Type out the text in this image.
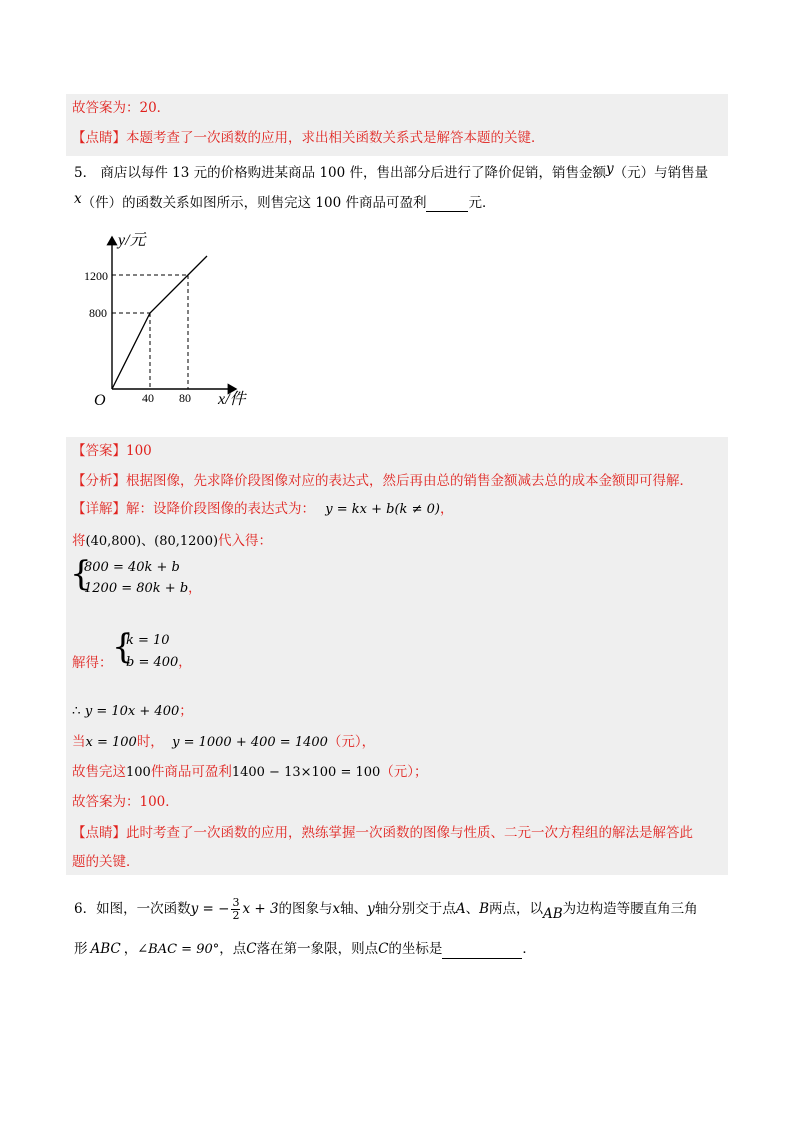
故答案为：20．
【点睛】本题考查了一次函数的应用，求出相关函数关系式是解答本题的关键．
5． 商店以每件 13 元的价格购进某商品 100 件，售出部分后进行了降价促销，销售金额y（元）与销售量
x（件）的函数关系如图所示，则售完这 100 件商品可盈利	元．
y/元
x/件
O
1200
800
40 80
【答案】100
【分析】根据图像，先求降价段图像对应的表达式，然后再由总的销售金额减去总的成本金额即可得解．
【详解】解：设降价段图像的表达式为： y = kx + b(k ≠ 0)，
将(40,800)、(80,1200)代入得：
{
800 = 40k + b
1200 = 80k + b，
{
k = 10
解得： b = 400，
∴ y = 10x + 400；
当x = 100时， y = 1000 + 400 = 1400（元），
故售完这100件商品可盈利1400 − 13×100 = 100（元）；
故答案为：100．
【点睛】此时考查了一次函数的应用，熟练掌握一次函数的图像与性质、二元一次方程组的解法是解答此
题的关键．
6．如图，一次函数y = − $\frac{3}{2}$ x + 3的图象与x轴、y轴分别交于点A、B两点，以AB为边构造等腰直角三角
形 ABC ，∠BAC = 90°，点C落在第一象限，则点C的坐标是	．
